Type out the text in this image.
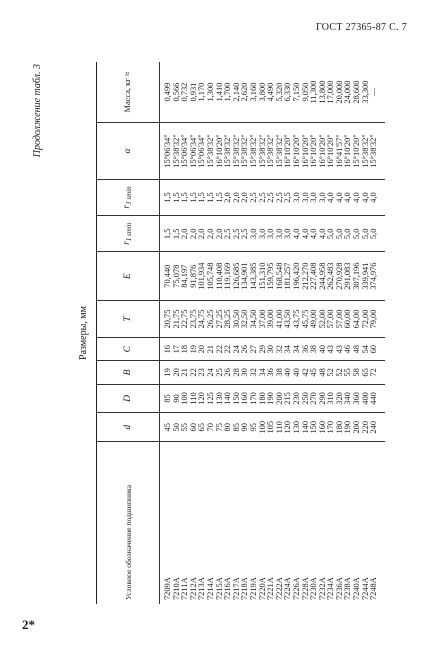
ГОСТ 27365-87 С. 7
Продолжение табл. 3
Размеры, мм
Условное обозначение подшипника	d	D	B	C	T	E	$r_{1 smin}$	$r_{3 smin}$	α	Масса, кг ≈

7209A	45	85	19	16	20,75	70,440	1,5	1,5	15°06'34"	0,499
7210A	50	90	20	17	21,75	75,078	1,5	1,5	15°38'32"	0,566
7211A	55	100	21	18	22,75	84,197	2,0	1,5	15°06'34"	0,732
7212A	60	110	22	19	23,75	91,876	2,0	1,5	15°06'34"	0,931
7213A	65	120	23	20	24,75	101,934	2,0	1,5	15°06'34"	1,170
7214A	70	125	24	21	26,25	105,748	2,0	1,5	15°38'32"	1,300
7215A	75	130	25	22	27,25	110,408	2,0	1,5	16°10'20"	1,410
7216A	80	140	26	22	28,25	119,169	2,5	2,0	15°38'32"	1,700
7217A	85	150	28	24	30,50	126,685	2,5	2,0	15°38'32"	2,140
7218A	90	160	30	26	32,50	134,901	2,5	2,0	15°38'32"	2,620
7219A	95	170	32	27	34,50	143,385	3,0	2,5	15°38'32"	3,160
7220A	100	180	34	29	37,00	151,310	3,0	2,5	15°38'32"	3,800
7221A	105	190	36	30	39,00	159,795	3,0	2,5	15°38'32"	4,490
7222A	110	200	38	32	41,00	168,548	3,0	2,5	15°38'32"	5,320
7224A	120	215	40	34	43,50	181,257	3,0	2,5	16°10'20"	6,330
7226A	130	230	40	34	43,75	196,420	4,0	3,0	16°10'20"	7,150
7228A	140	250	42	36	45,75	212,270	4,0	3,0	16°10'20"	9,050
7230A	150	270	45	38	49,00	227,408	4,0	3,0	16°10'20"	11,300
7232A	160	290	48	40	52,00	244,958	4,0	3,0	16°10'20"	13,800
7234A	170	310	52	43	57,00	262,483	5,0	4,0	16°10'20"	17,000
7236A	180	320	52	43	57,00	270,928	5,0	4,0	16°41'57"	20,000
7238A	190	340	55	46	60,00	291,083	5,0	4,0	16°10'20"	24,000
7240A	200	360	58	48	64,00	307,196	5,0	4,0	15°10'20"	28,600
7244A	220	400	65	54	72,00	339,941	5,0	4,0	15°38'32"	33,300
7248A	240	440	72	60	79,00	374,976	5,0	4,0	15°38'32"	—

2*
